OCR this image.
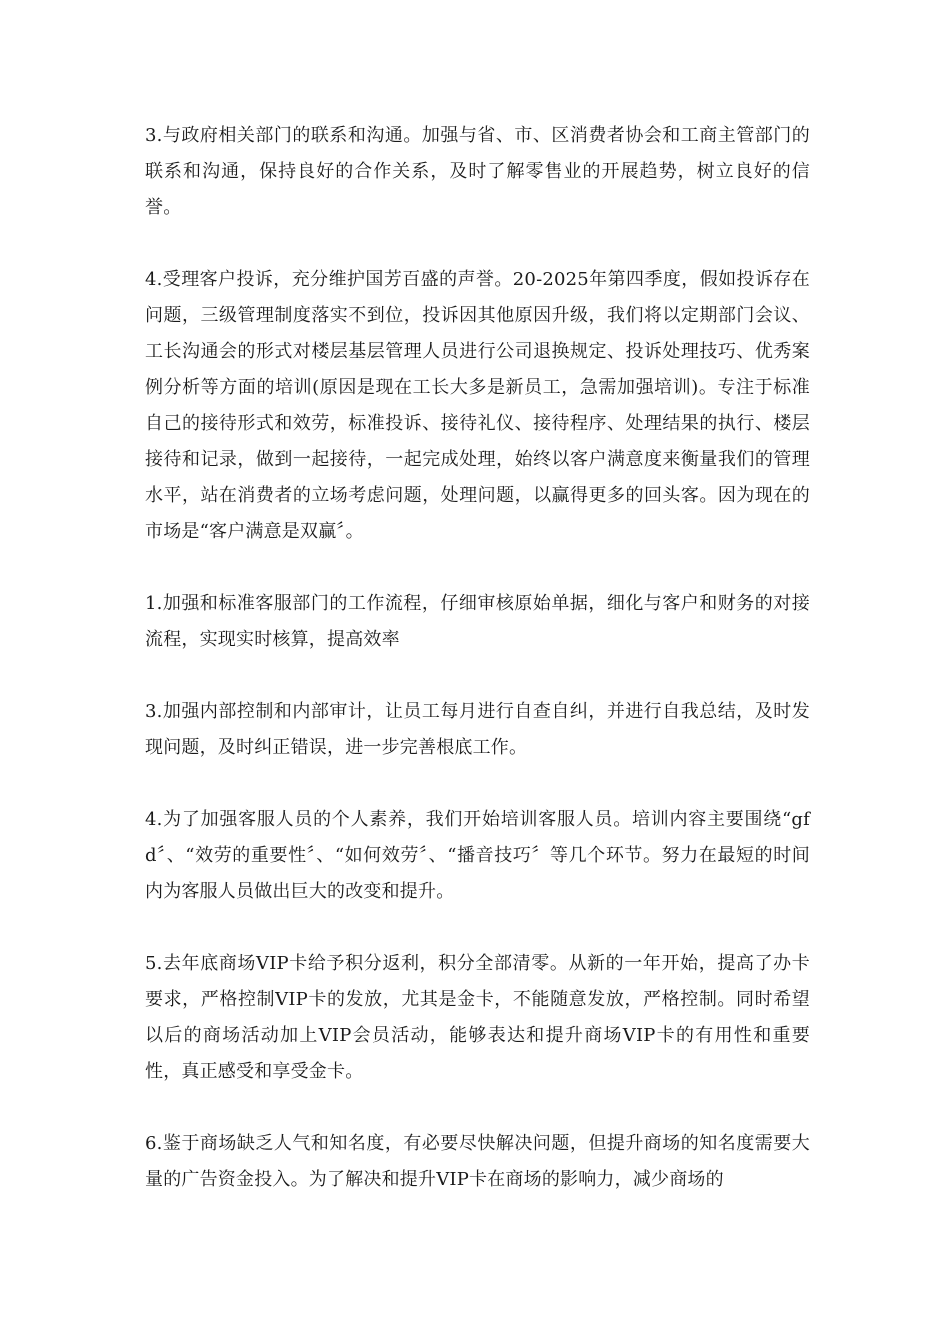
3.与政府相关部门的联系和沟通。加强与省、市、区消费者协会和工商主管部门的联系和沟通，保持良好的合作关系，及时了解零售业的开展趋势，树立良好的信誉。

4.受理客户投诉，充分维护国芳百盛的声誉。20-2025年第四季度，假如投诉存在问题，三级管理制度落实不到位，投诉因其他原因升级，我们将以定期部门会议、工长沟通会的形式对楼层基层管理人员进行公司退换规定、投诉处理技巧、优秀案例分析等方面的培训(原因是现在工长大多是新员工，急需加强培训)。专注于标准自己的接待形式和效劳，标准投诉、接待礼仪、接待程序、处理结果的执行、楼层接待和记录，做到一起接待，一起完成处理，始终以客户满意度来衡量我们的管理水平，站在消费者的立场考虑问题，处理问题，以赢得更多的回头客。因为现在的市场是“客户满意是双赢〞。

1.加强和标准客服部门的工作流程，仔细审核原始单据，细化与客户和财务的对接流程，实现实时核算，提高效率

3.加强内部控制和内部审计，让员工每月进行自查自纠，并进行自我总结，及时发现问题，及时纠正错误，进一步完善根底工作。

4.为了加强客服人员的个人素养，我们开始培训客服人员。培训内容主要围绕“gfd〞、“效劳的重要性〞、“如何效劳〞、“播音技巧〞等几个环节。努力在最短的时间内为客服人员做出巨大的改变和提升。

5.去年底商场VIP卡给予积分返利，积分全部清零。从新的一年开始，提高了办卡要求，严格控制VIP卡的发放，尤其是金卡，不能随意发放，严格控制。同时希望以后的商场活动加上VIP会员活动，能够表达和提升商场VIP卡的有用性和重要性，真正感受和享受金卡。

6.鉴于商场缺乏人气和知名度，有必要尽快解决问题，但提升商场的知名度需要大量的广告资金投入。为了解决和提升VIP卡在商场的影响力，减少商场的
